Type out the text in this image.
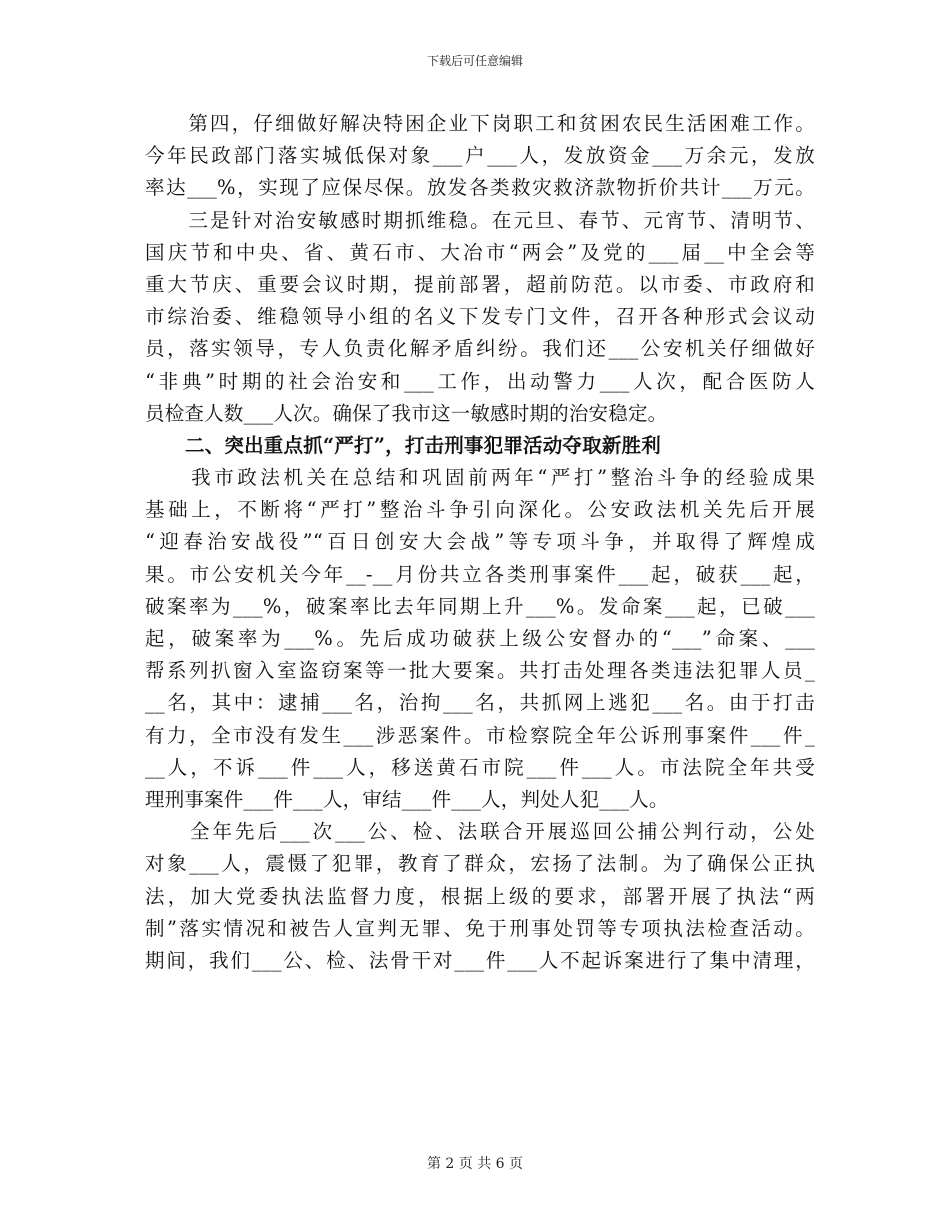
下载后可任意编辑
　　第四，仔细做好解决特困企业下岗职工和贫困农民生活困难工作。
今年民政部门落实城低保对象___户___人，发放资金___万余元，发放
率达___%，实现了应保尽保。放发各类救灾救济款物折价共计___万元。
　　三是针对治安敏感时期抓维稳。在元旦、春节、元宵节、清明节、
国庆节和中央、省、黄石市、大冶市“两会”及党的___届__中全会等
重大节庆、重要会议时期，提前部署，超前防范。以市委、市政府和
市综治委、维稳领导小组的名义下发专门文件，召开各种形式会议动
员，落实领导，专人负责化解矛盾纠纷。我们还___公安机关仔细做好
“非典”时期的社会治安和___工作，出动警力___人次，配合医防人
员检查人数___人次。确保了我市这一敏感时期的治安稳定。
二、突出重点抓“严打”，打击刑事犯罪活动夺取新胜利
　　我市政法机关在总结和巩固前两年“严打”整治斗争的经验成果
基础上，不断将“严打”整治斗争引向深化。公安政法机关先后开展
“迎春治安战役”“百日创安大会战”等专项斗争，并取得了辉煌成
果。市公安机关今年__-__月份共立各类刑事案件___起，破获___起，
破案率为___%，破案率比去年同期上升___%。发命案___起，已破___
起，破案率为___%。先后成功破获上级公安督办的“___”命案、___
帮系列扒窗入室盗窃案等一批大要案。共打击处理各类违法犯罪人员_
__名，其中：逮捕___名，治拘___名，共抓网上逃犯___名。由于打击
有力，全市没有发生___涉恶案件。市检察院全年公诉刑事案件___件_
__人，不诉___件___人，移送黄石市院___件___人。市法院全年共受
理刑事案件___件___人，审结___件___人，判处人犯___人。
　　全年先后___次___公、检、法联合开展巡回公捕公判行动，公处
对象___人，震慑了犯罪，教育了群众，宏扬了法制。为了确保公正执
法，加大党委执法监督力度，根据上级的要求，部署开展了执法“两
制”落实情况和被告人宣判无罪、免于刑事处罚等专项执法检查活动。
期间，我们___公、检、法骨干对___件___人不起诉案进行了集中清理，
第 2 页 共 6 页
